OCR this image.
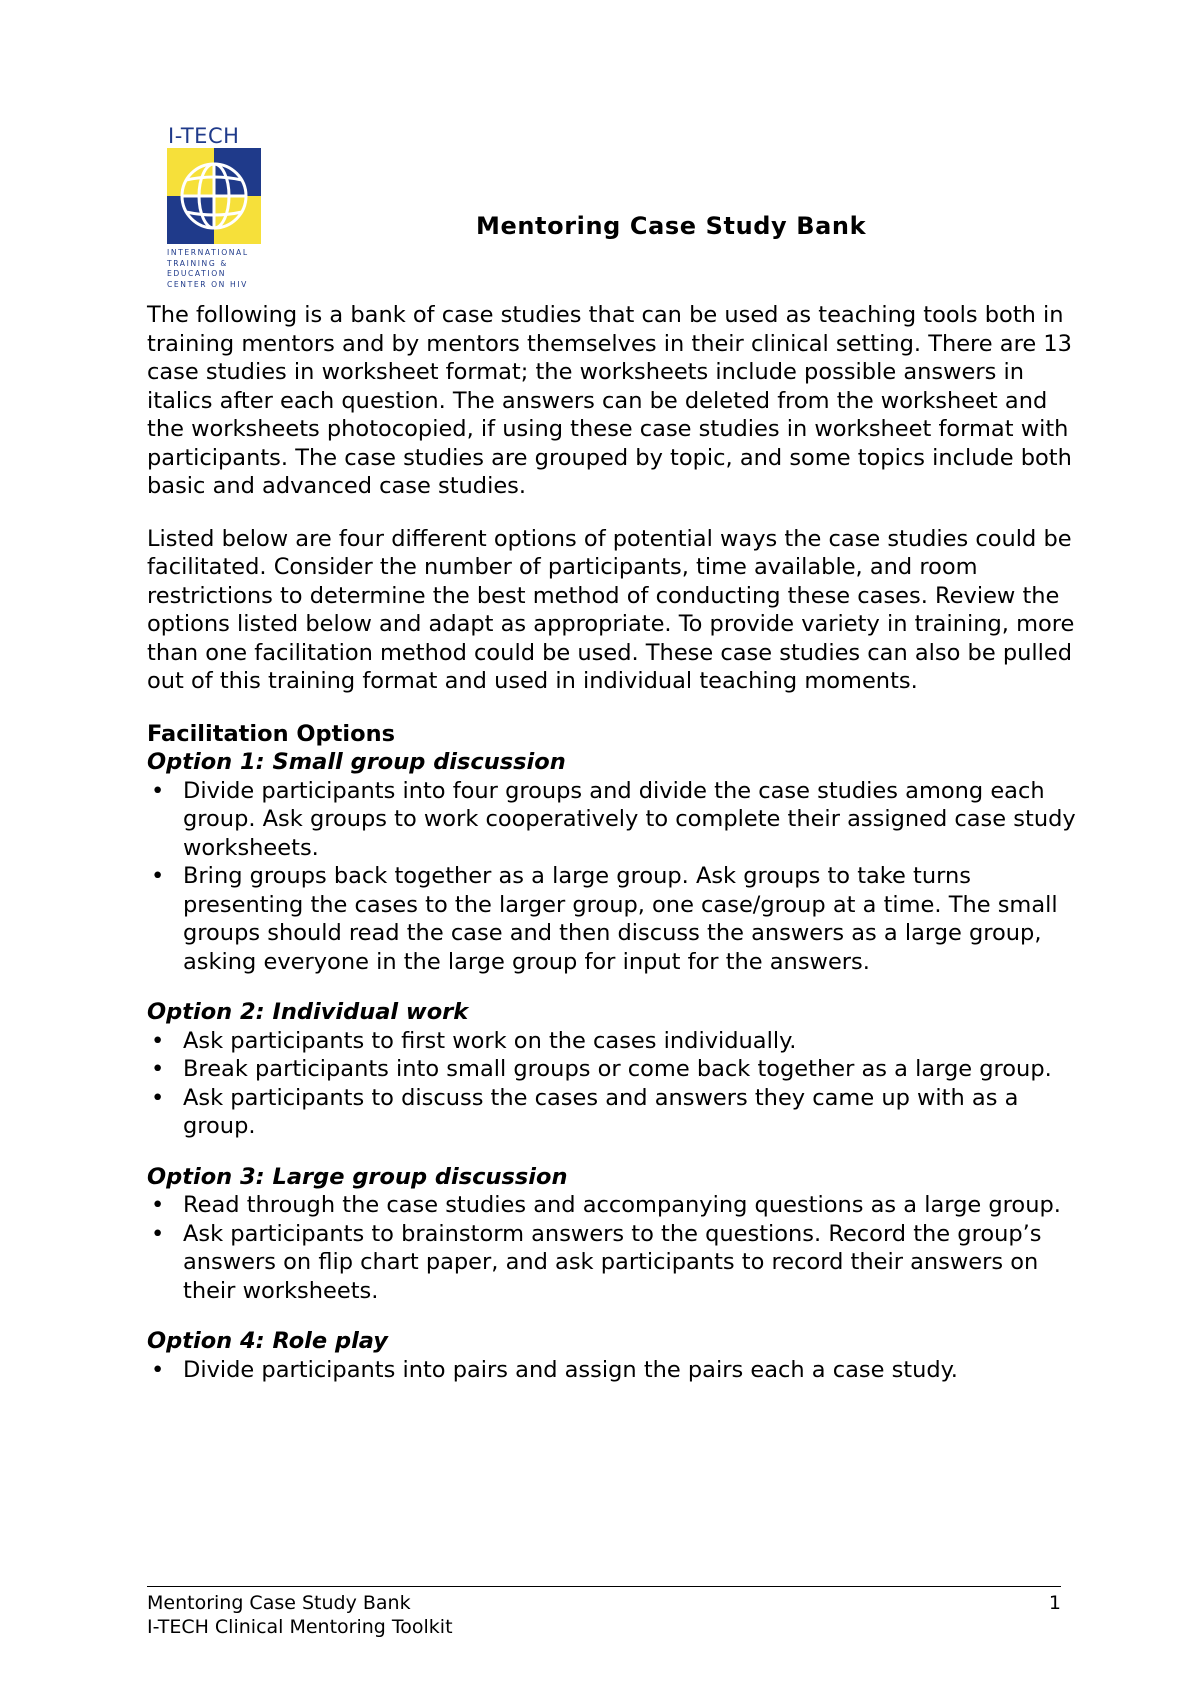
I-TECH
INTERNATIONAL
TRAINING &
EDUCATION
CENTER ON HIV
Mentoring Case Study Bank

The following is a bank of case studies that can be used as teaching tools both in training mentors and by mentors themselves in their clinical setting. There are 13 case studies in worksheet format; the worksheets include possible answers in italics after each question. The answers can be deleted from the worksheet and the worksheets photocopied, if using these case studies in worksheet format with participants. The case studies are grouped by topic, and some topics include both basic and advanced case studies.

Listed below are four different options of potential ways the case studies could be facilitated. Consider the number of participants, time available, and room restrictions to determine the best method of conducting these cases. Review the options listed below and adapt as appropriate. To provide variety in training, more than one facilitation method could be used. These case studies can also be pulled out of this training format and used in individual teaching moments.

Facilitation Options
Option 1: Small group discussion
• Divide participants into four groups and divide the case studies among each group. Ask groups to work cooperatively to complete their assigned case study worksheets.
• Bring groups back together as a large group. Ask groups to take turns presenting the cases to the larger group, one case/group at a time. The small groups should read the case and then discuss the answers as a large group, asking everyone in the large group for input for the answers.
Option 2: Individual work
• Ask participants to first work on the cases individually.
• Break participants into small groups or come back together as a large group.
• Ask participants to discuss the cases and answers they came up with as a group.
Option 3: Large group discussion
• Read through the case studies and accompanying questions as a large group.
• Ask participants to brainstorm answers to the questions. Record the group’s answers on flip chart paper, and ask participants to record their answers on their worksheets.
Option 4: Role play
• Divide participants into pairs and assign the pairs each a case study.
Mentoring Case Study Bank	1
I-TECH Clinical Mentoring Toolkit
